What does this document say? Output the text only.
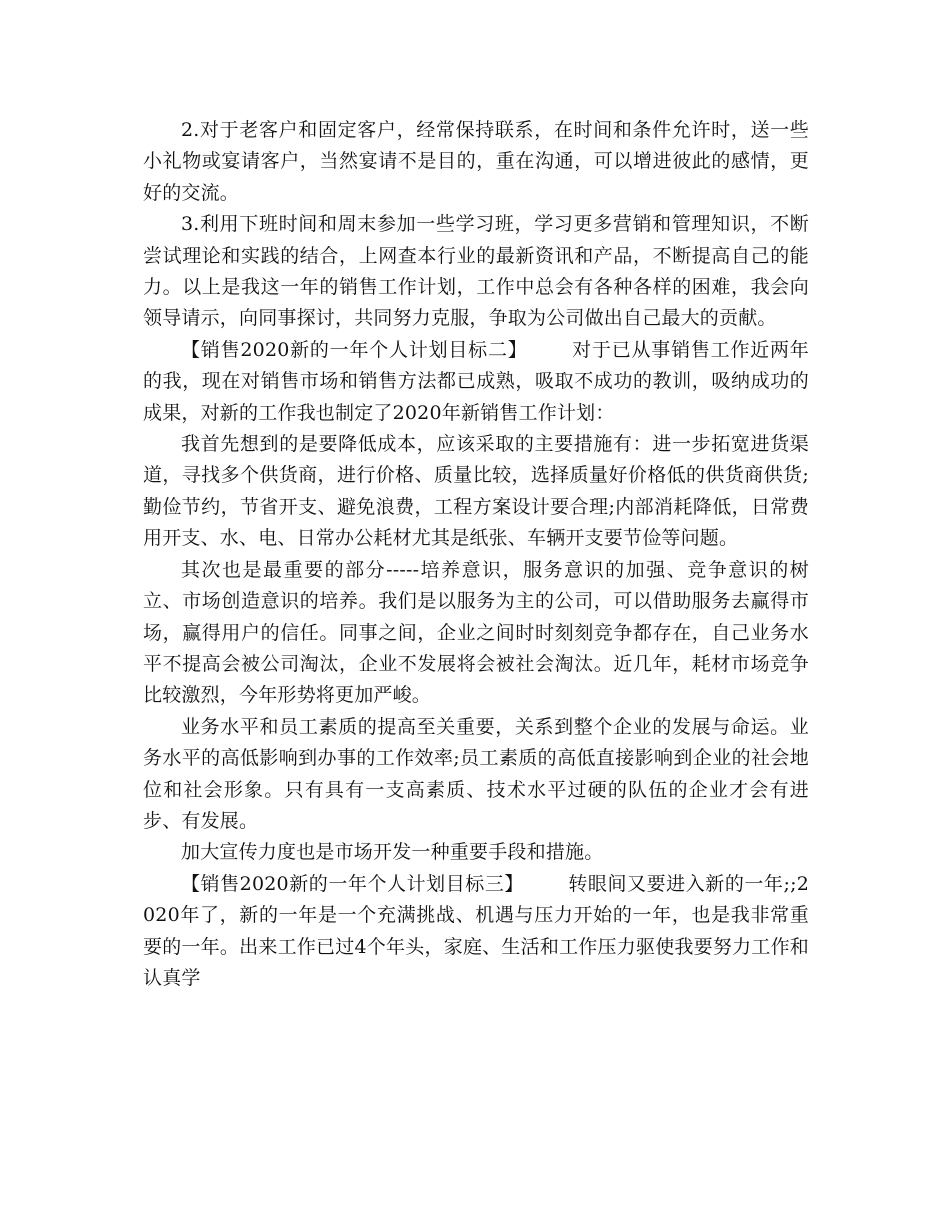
2.对于老客户和固定客户，经常保持联系，在时间和条件允许时，送一些小礼物或宴请客户，当然宴请不是目的，重在沟通，可以增进彼此的感情，更好的交流。

3.利用下班时间和周末参加一些学习班，学习更多营销和管理知识，不断尝试理论和实践的结合，上网查本行业的最新资讯和产品，不断提高自己的能力。以上是我这一年的销售工作计划，工作中总会有各种各样的困难，我会向领导请示，向同事探讨，共同努力克服，争取为公司做出自己最大的贡献。

【销售2020新的一年个人计划目标二】 对于已从事销售工作近两年的我，现在对销售市场和销售方法都已成熟，吸取不成功的教训，吸纳成功的成果，对新的工作我也制定了2020年新销售工作计划：

我首先想到的是要降低成本，应该采取的主要措施有：进一步拓宽进货渠道，寻找多个供货商，进行价格、质量比较，选择质量好价格低的供货商供货;勤俭节约，节省开支、避免浪费，工程方案设计要合理;内部消耗降低，日常费用开支、水、电、日常办公耗材尤其是纸张、车辆开支要节俭等问题。

其次也是最重要的部分-----培养意识，服务意识的加强、竞争意识的树立、市场创造意识的培养。我们是以服务为主的公司，可以借助服务去赢得市场，赢得用户的信任。同事之间，企业之间时时刻刻竞争都存在，自己业务水平不提高会被公司淘汰，企业不发展将会被社会淘汰。近几年，耗材市场竞争比较激烈，今年形势将更加严峻。

业务水平和员工素质的提高至关重要，关系到整个企业的发展与命运。业务水平的高低影响到办事的工作效率;员工素质的高低直接影响到企业的社会地位和社会形象。只有具有一支高素质、技术水平过硬的队伍的企业才会有进步、有发展。

加大宣传力度也是市场开发一种重要手段和措施。

【销售2020新的一年个人计划目标三】 转眼间又要进入新的一年;;2020年了，新的一年是一个充满挑战、机遇与压力开始的一年，也是我非常重要的一年。出来工作已过4个年头，家庭、生活和工作压力驱使我要努力工作和认真学
